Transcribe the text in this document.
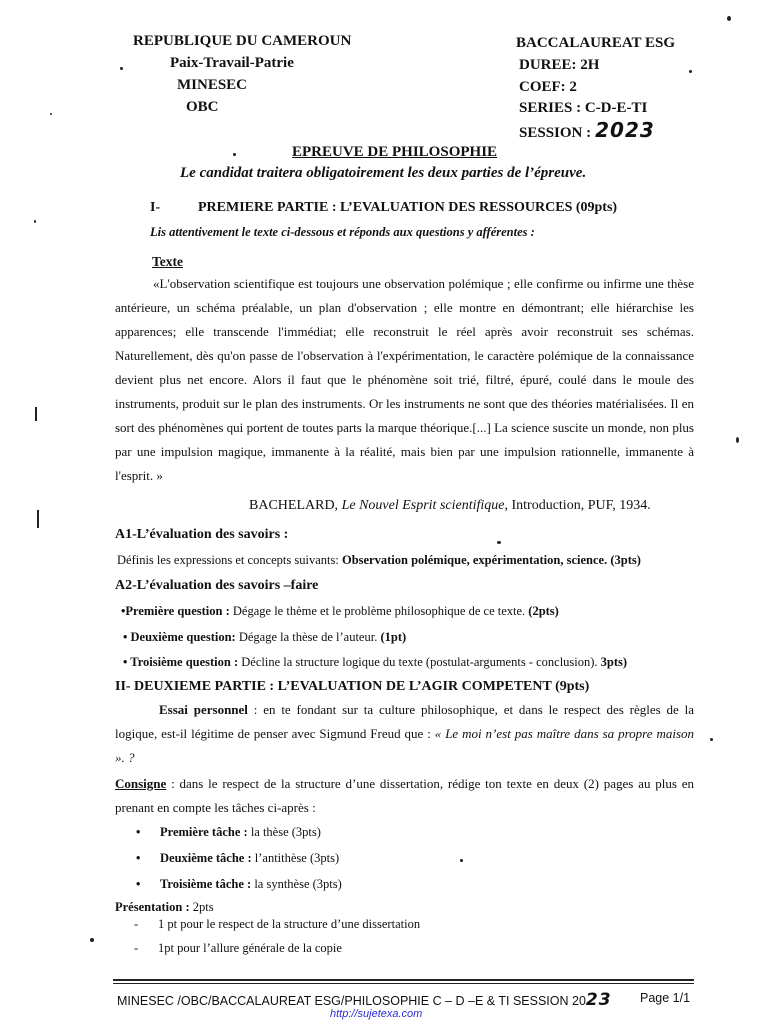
REPUBLIQUE DU CAMEROUN
Paix-Travail-Patrie
MINESEC
OBC
BACCALAUREAT ESG
DUREE: 2H
COEF: 2
SERIES : C-D-E-TI
SESSION : 2023
EPREUVE DE PHILOSOPHIE
Le candidat traitera obligatoirement les deux parties de l’épreuve.
I-	PREMIERE PARTIE : L’EVALUATION DES RESSOURCES (09pts)
Lis attentivement le texte ci-dessous et réponds aux questions y afférentes :
Texte
«L'observation scientifique est toujours une observation polémique ; elle confirme ou infirme une thèse antérieure, un schéma préalable, un plan d'observation ; elle montre en démontrant; elle hiérarchise les apparences; elle transcende l'immédiat; elle reconstruit le réel après avoir reconstruit ses schémas. Naturellement, dès qu'on passe de l'observation à l'expérimentation, le caractère polémique de la connaissance devient plus net encore. Alors il faut que le phénomène soit trié, filtré, épuré, coulé dans le moule des instruments, produit sur le plan des instruments. Or les instruments ne sont que des théories matérialisées. Il en sort des phénomènes qui portent de toutes parts la marque théorique.[...] La science suscite un monde, non plus par une impulsion magique, immanente à la réalité, mais bien par une impulsion rationnelle, immanente à l'esprit. »
BACHELARD, Le Nouvel Esprit scientifique, Introduction, PUF, 1934.
A1-L’évaluation des savoirs :
Définis les expressions et concepts suivants: Observation polémique, expérimentation, science. (3pts)
A2-L’évaluation des savoirs –faire
•Première question : Dégage le thème et le problème philosophique de ce texte. (2pts)
• Deuxième question: Dégage la thèse de l’auteur. (1pt)
• Troisième question : Décline la structure logique du texte (postulat-arguments - conclusion). 3pts)
II- DEUXIEME PARTIE : L’EVALUATION DE L’AGIR COMPETENT (9pts)
Essai personnel : en te fondant sur ta culture philosophique, et dans le respect des règles de la logique, est-il légitime de penser avec Sigmund Freud que : « Le moi n’est pas maître dans sa propre maison ». ?
Consigne : dans le respect de la structure d’une dissertation, rédige ton texte en deux (2) pages au plus en prenant en compte les tâches ci-après :
• Première tâche : la thèse (3pts)
• Deuxième tâche : l’antithèse (3pts)
• Troisième tâche : la synthèse (3pts)
Présentation : 2pts
- 1 pt pour le respect de la structure d’une dissertation
- 1pt pour l’allure générale de la copie
MINESEC /OBC/BACCALAUREAT ESG/PHILOSOPHIE C – D –E & TI SESSION 2023 Page 1/1
http://sujetexa.com
